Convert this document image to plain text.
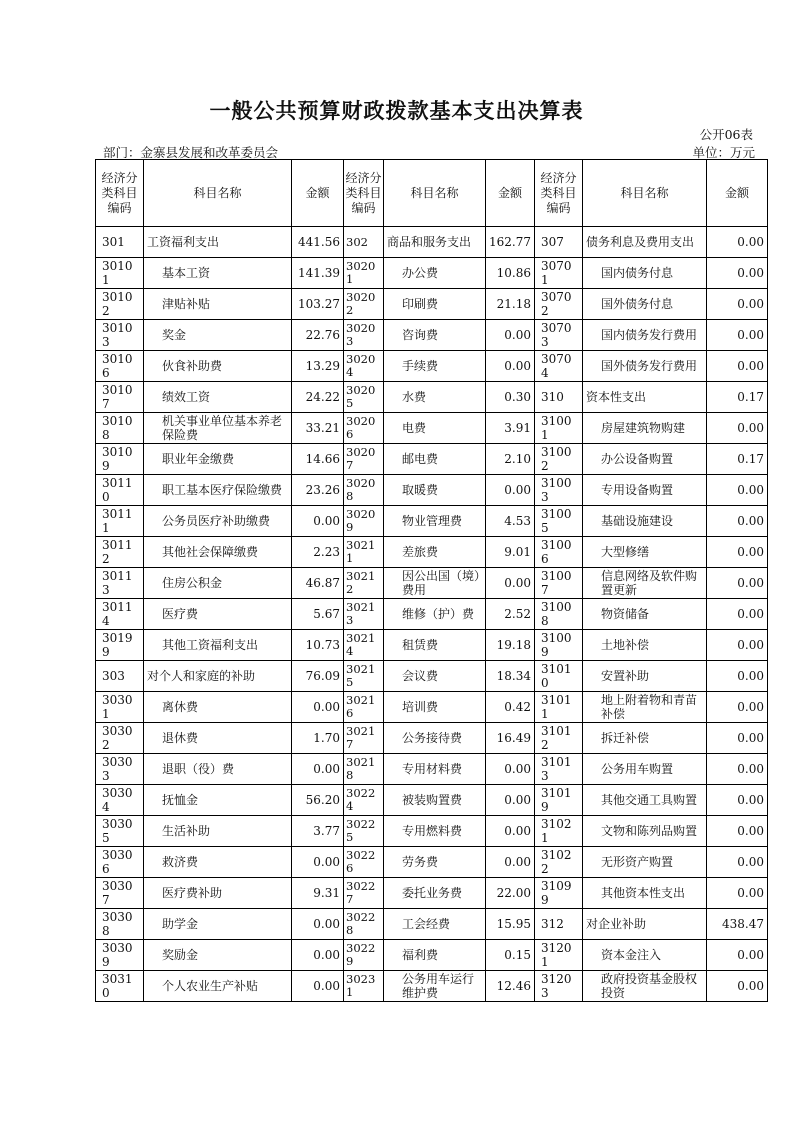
一般公共预算财政拨款基本支出决算表
公开06表
部门：金寨县发展和改革委员会	单位：万元
经济分类科目编码	科目名称	金额	经济分类科目编码	科目名称	金额	经济分类科目编码	科目名称	金额
301	工资福利支出	441.56	302	商品和服务支出	162.77	307	债务利息及费用支出	0.00
30101	基本工资	141.39	30201	办公费	10.86	30701	国内债务付息	0.00
30102	津贴补贴	103.27	30202	印刷费	21.18	30702	国外债务付息	0.00
30103	奖金	22.76	30203	咨询费	0.00	30703	国内债务发行费用	0.00
30106	伙食补助费	13.29	30204	手续费	0.00	30704	国外债务发行费用	0.00
30107	绩效工资	24.22	30205	水费	0.30	310	资本性支出	0.17
30108	机关事业单位基本养老保险费	33.21	30206	电费	3.91	31001	房屋建筑物购建	0.00
30109	职业年金缴费	14.66	30207	邮电费	2.10	31002	办公设备购置	0.17
30110	职工基本医疗保险缴费	23.26	30208	取暖费	0.00	31003	专用设备购置	0.00
30111	公务员医疗补助缴费	0.00	30209	物业管理费	4.53	31005	基础设施建设	0.00
30112	其他社会保障缴费	2.23	30211	差旅费	9.01	31006	大型修缮	0.00
30113	住房公积金	46.87	30212	因公出国（境）费用	0.00	31007	信息网络及软件购置更新	0.00
30114	医疗费	5.67	30213	维修（护）费	2.52	31008	物资储备	0.00
30199	其他工资福利支出	10.73	30214	租赁费	19.18	31009	土地补偿	0.00
303	对个人和家庭的补助	76.09	30215	会议费	18.34	31010	安置补助	0.00
30301	离休费	0.00	30216	培训费	0.42	31011	地上附着物和青苗补偿	0.00
30302	退休费	1.70	30217	公务接待费	16.49	31012	拆迁补偿	0.00
30303	退职（役）费	0.00	30218	专用材料费	0.00	31013	公务用车购置	0.00
30304	抚恤金	56.20	30224	被装购置费	0.00	31019	其他交通工具购置	0.00
30305	生活补助	3.77	30225	专用燃料费	0.00	31021	文物和陈列品购置	0.00
30306	救济费	0.00	30226	劳务费	0.00	31022	无形资产购置	0.00
30307	医疗费补助	9.31	30227	委托业务费	22.00	31099	其他资本性支出	0.00
30308	助学金	0.00	30228	工会经费	15.95	312	对企业补助	438.47
30309	奖励金	0.00	30229	福利费	0.15	31201	资本金注入	0.00
30310	个人农业生产补贴	0.00	30231	公务用车运行维护费	12.46	31203	政府投资基金股权投资	0.00
